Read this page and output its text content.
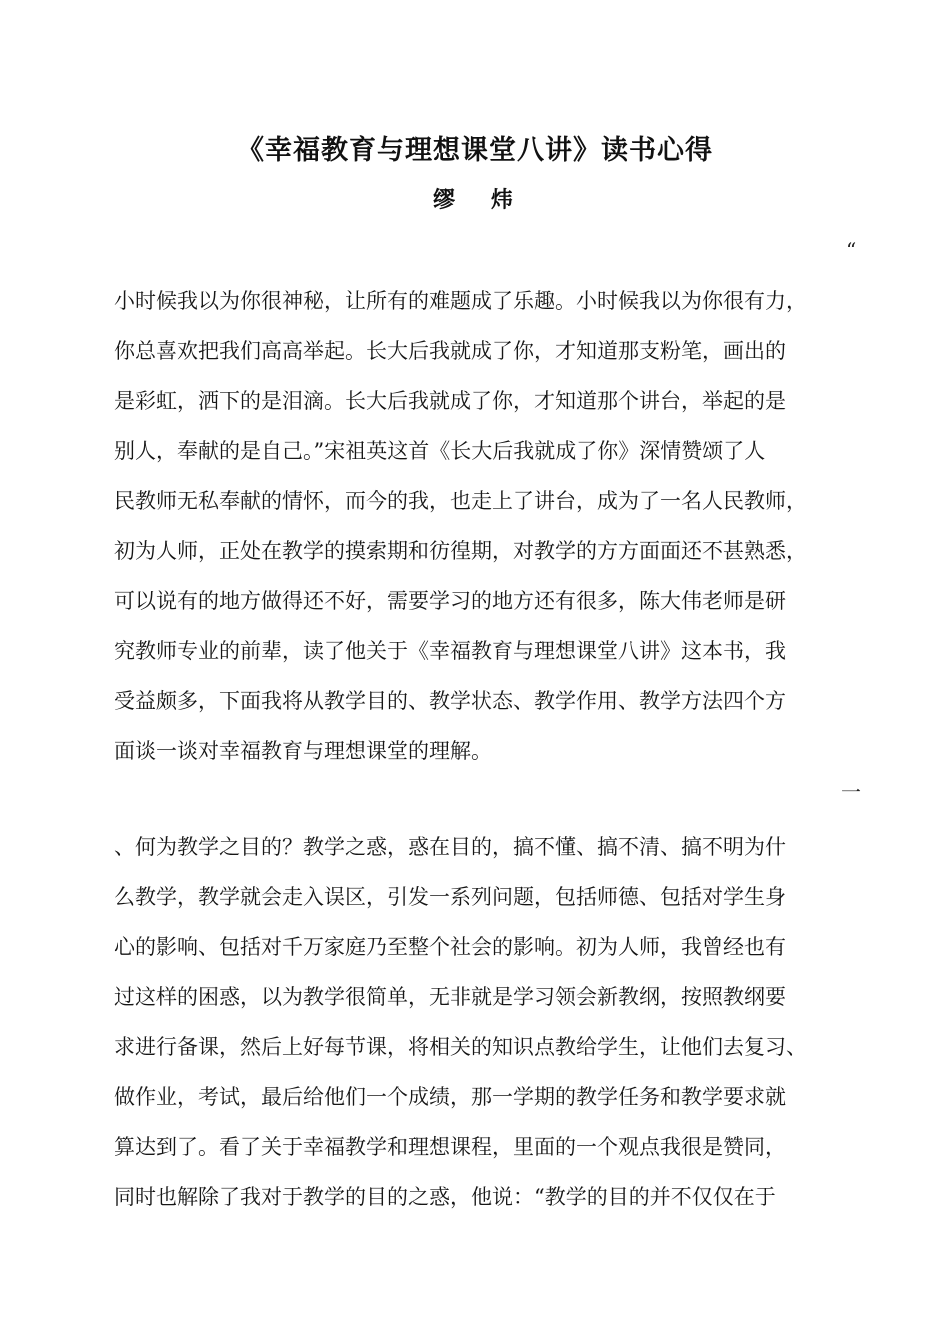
《幸福教育与理想课堂八讲》读书心得
缪 炜
“
小时候我以为你很神秘，让所有的难题成了乐趣。小时候我以为你很有力，
你总喜欢把我们高高举起。长大后我就成了你，才知道那支粉笔，画出的
是彩虹，洒下的是泪滴。长大后我就成了你，才知道那个讲台，举起的是
别人，奉献的是自己。”宋祖英这首《长大后我就成了你》深情赞颂了人
民教师无私奉献的情怀，而今的我，也走上了讲台，成为了一名人民教师，
初为人师，正处在教学的摸索期和彷徨期，对教学的方方面面还不甚熟悉，
可以说有的地方做得还不好，需要学习的地方还有很多，陈大伟老师是研
究教师专业的前辈，读了他关于《幸福教育与理想课堂八讲》这本书，我
受益颇多，下面我将从教学目的、教学状态、教学作用、教学方法四个方
面谈一谈对幸福教育与理想课堂的理解。
一
、何为教学之目的？教学之惑，惑在目的，搞不懂、搞不清、搞不明为什
么教学，教学就会走入误区，引发一系列问题，包括师德、包括对学生身
心的影响、包括对千万家庭乃至整个社会的影响。初为人师，我曾经也有
过这样的困惑，以为教学很简单，无非就是学习领会新教纲，按照教纲要
求进行备课，然后上好每节课，将相关的知识点教给学生，让他们去复习、
做作业，考试，最后给他们一个成绩，那一学期的教学任务和教学要求就
算达到了。看了关于幸福教学和理想课程，里面的一个观点我很是赞同，
同时也解除了我对于教学的目的之惑，他说：“教学的目的并不仅仅在于
